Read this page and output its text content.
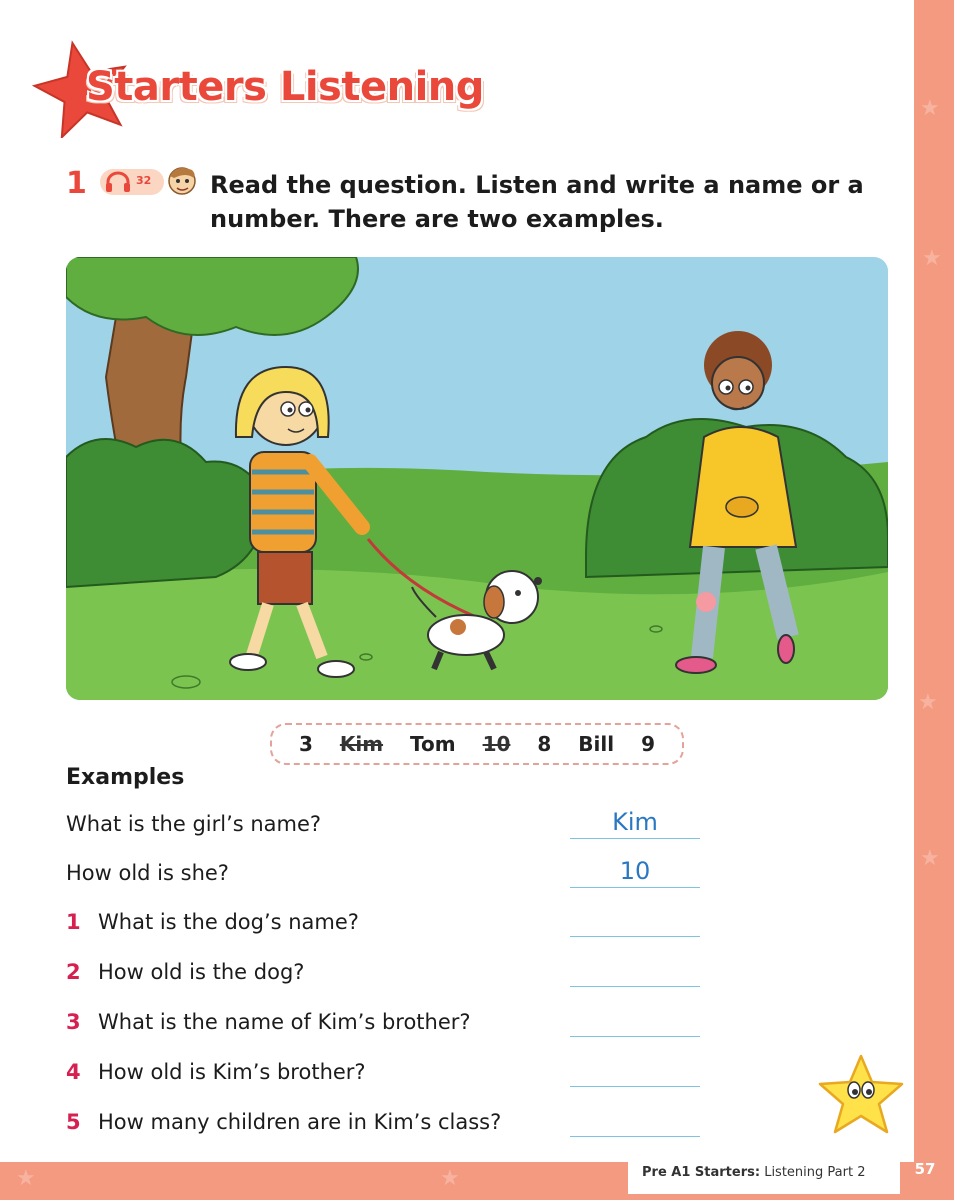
★
★
★
★
★	★
Starters Listening
1	32 Read the question. Listen and write a name or a number. There are two examples.
3 Kim Tom 10 8 Bill 9
Examples
What is the girl’s name?	Kim
How old is she?	10
1 What is the dog’s name?
2 How old is the dog?
3 What is the name of Kim’s brother?
4 How old is Kim’s brother?
5 How many children are in Kim’s class?
Pre A1 Starters: Listening Part 2	57
